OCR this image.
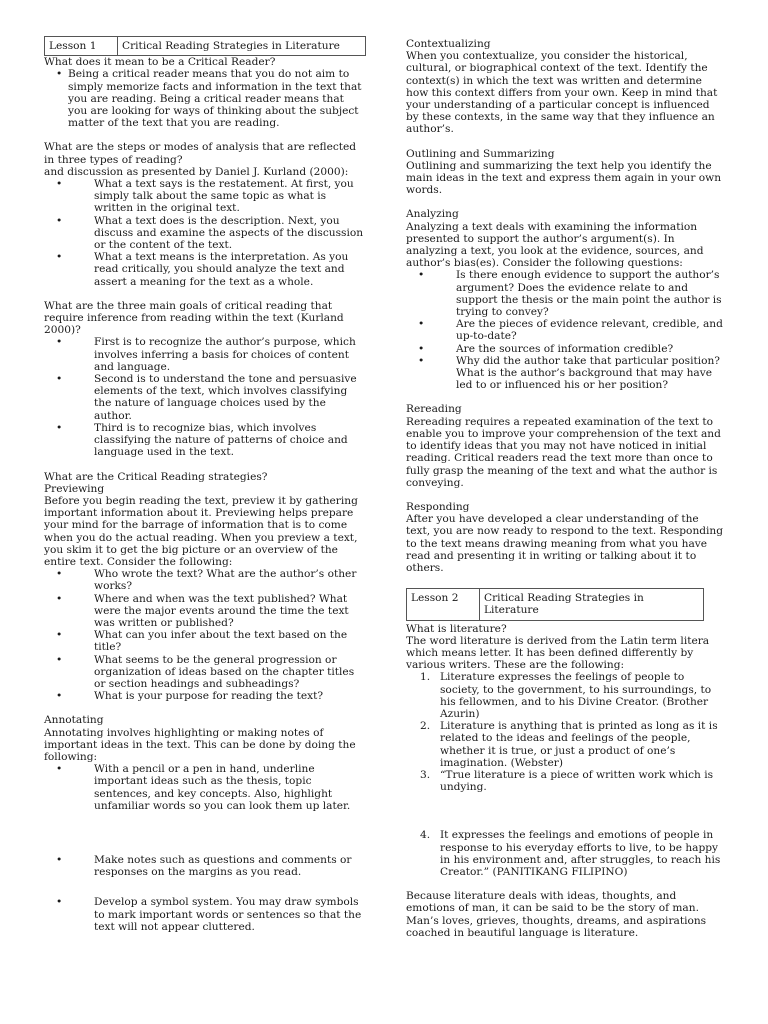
Lesson 1	Critical Reading Strategies in Literature

What does it mean to be a Critical Reader?

• Being a critical reader means that you do not aim to simply memorize facts and information in the text that you are reading. Being a critical reader means that you are looking for ways of thinking about the subject matter of the text that you are reading.

What are the steps or modes of analysis that are reflected in three types of reading?

and discussion as presented by Daniel J. Kurland (2000):

• What a text says is the restatement. At first, you simply talk about the same topic as what is written in the original text.
• What a text does is the description. Next, you discuss and examine the aspects of the discussion or the content of the text.
• What a text means is the interpretation. As you read critically, you should analyze the text and assert a meaning for the text as a whole.

What are the three main goals of critical reading that require inference from reading within the text (Kurland 2000)?

• First is to recognize the author’s purpose, which involves inferring a basis for choices of content and language.
• Second is to understand the tone and persuasive elements of the text, which involves classifying the nature of language choices used by the author.
• Third is to recognize bias, which involves classifying the nature of patterns of choice and language used in the text.

What are the Critical Reading strategies?

Previewing

Before you begin reading the text, preview it by gathering important information about it. Previewing helps prepare your mind for the barrage of information that is to come when you do the actual reading. When you preview a text, you skim it to get the big picture or an overview of the entire text. Consider the following:

• Who wrote the text? What are the author’s other works?
• Where and when was the text published? What were the major events around the time the text was written or published?
• What can you infer about the text based on the title?
• What seems to be the general progression or organization of ideas based on the chapter titles or section headings and subheadings?
• What is your purpose for reading the text?

Annotating

Annotating involves highlighting or making notes of important ideas in the text. This can be done by doing the following:

• With a pencil or a pen in hand, underline important ideas such as the thesis, topic sentences, and key concepts. Also, highlight unfamiliar words so you can look them up later.
• Make notes such as questions and comments or responses on the margins as you read.
• Develop a symbol system. You may draw symbols to mark important words or sentences so that the text will not appear cluttered.

Contextualizing

When you contextualize, you consider the historical, cultural, or biographical context of the text. Identify the context(s) in which the text was written and determine how this context differs from your own. Keep in mind that your understanding of a particular concept is influenced by these contexts, in the same way that they influence an author’s.

Outlining and Summarizing

Outlining and summarizing the text help you identify the main ideas in the text and express them again in your own words.

Analyzing

Analyzing a text deals with examining the information presented to support the author’s argument(s). In analyzing a text, you look at the evidence, sources, and author’s bias(es). Consider the following questions:

• Is there enough evidence to support the author’s argument? Does the evidence relate to and support the thesis or the main point the author is trying to convey?
• Are the pieces of evidence relevant, credible, and up-to-date?
• Are the sources of information credible?
• Why did the author take that particular position? What is the author’s background that may have led to or influenced his or her position?

Rereading

Rereading requires a repeated examination of the text to enable you to improve your comprehension of the text and to identify ideas that you may not have noticed in initial reading. Critical readers read the text more than once to fully grasp the meaning of the text and what the author is conveying.

Responding

After you have developed a clear understanding of the text, you are now ready to respond to the text. Responding to the text means drawing meaning from what you have read and presenting it in writing or talking about it to others.

Lesson 2	Critical Reading Strategies in Literature

What is literature?

The word literature is derived from the Latin term litera which means letter. It has been defined differently by various writers. These are the following:

1. Literature expresses the feelings of people to society, to the government, to his surroundings, to his fellowmen, and to his Divine Creator. (Brother Azurin)
2. Literature is anything that is printed as long as it is related to the ideas and feelings of the people, whether it is true, or just a product of one’s imagination. (Webster)
3. “True literature is a piece of written work which is undying.
4. It expresses the feelings and emotions of people in response to his everyday efforts to live, to be happy in his environment and, after struggles, to reach his Creator.” (PANITIKANG FILIPINO)

Because literature deals with ideas, thoughts, and emotions of man, it can be said to be the story of man. Man’s loves, grieves, thoughts, dreams, and aspirations coached in beautiful language is literature.
